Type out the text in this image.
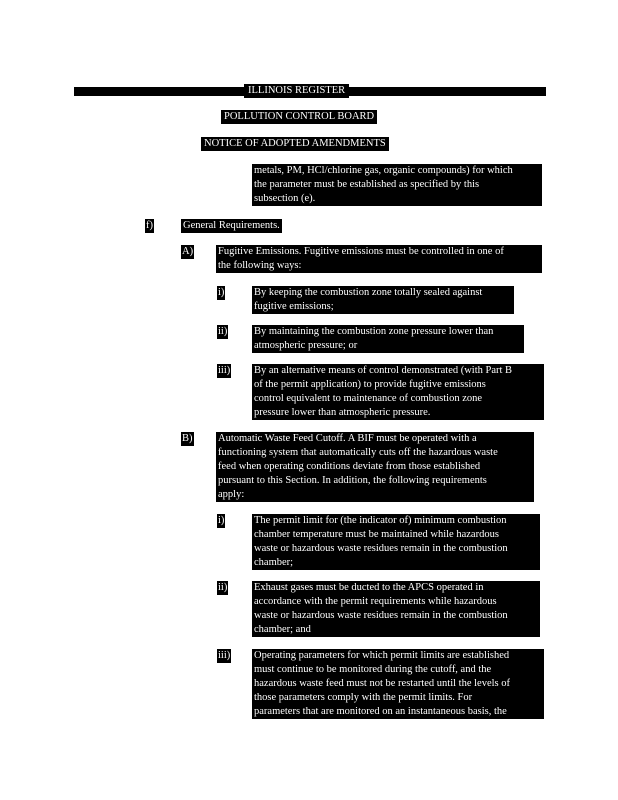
ILLINOIS REGISTER
POLLUTION CONTROL BOARD
NOTICE OF ADOPTED AMENDMENTS
metals, PM, HCl/chlorine gas, organic compounds) for which
the parameter must be established as specified by this
subsection (e).
f)	General Requirements.
A) Fugitive Emissions. Fugitive emissions must be controlled in one of
the following ways:
i)	By keeping the combustion zone totally sealed against
fugitive emissions;
ii)	By maintaining the combustion zone pressure lower than
atmospheric pressure; or
iii) By an alternative means of control demonstrated (with Part B
of the permit application) to provide fugitive emissions
control equivalent to maintenance of combustion zone
pressure lower than atmospheric pressure.
B) Automatic Waste Feed Cutoff. A BIF must be operated with a
functioning system that automatically cuts off the hazardous waste
feed when operating conditions deviate from those established
pursuant to this Section. In addition, the following requirements
apply:
i)	The permit limit for (the indicator of) minimum combustion
chamber temperature must be maintained while hazardous
waste or hazardous waste residues remain in the combustion
chamber;
ii)	Exhaust gases must be ducted to the APCS operated in
accordance with the permit requirements while hazardous
waste or hazardous waste residues remain in the combustion
chamber; and
iii) Operating parameters for which permit limits are established
must continue to be monitored during the cutoff, and the
hazardous waste feed must not be restarted until the levels of
those parameters comply with the permit limits. For
parameters that are monitored on an instantaneous basis, the
